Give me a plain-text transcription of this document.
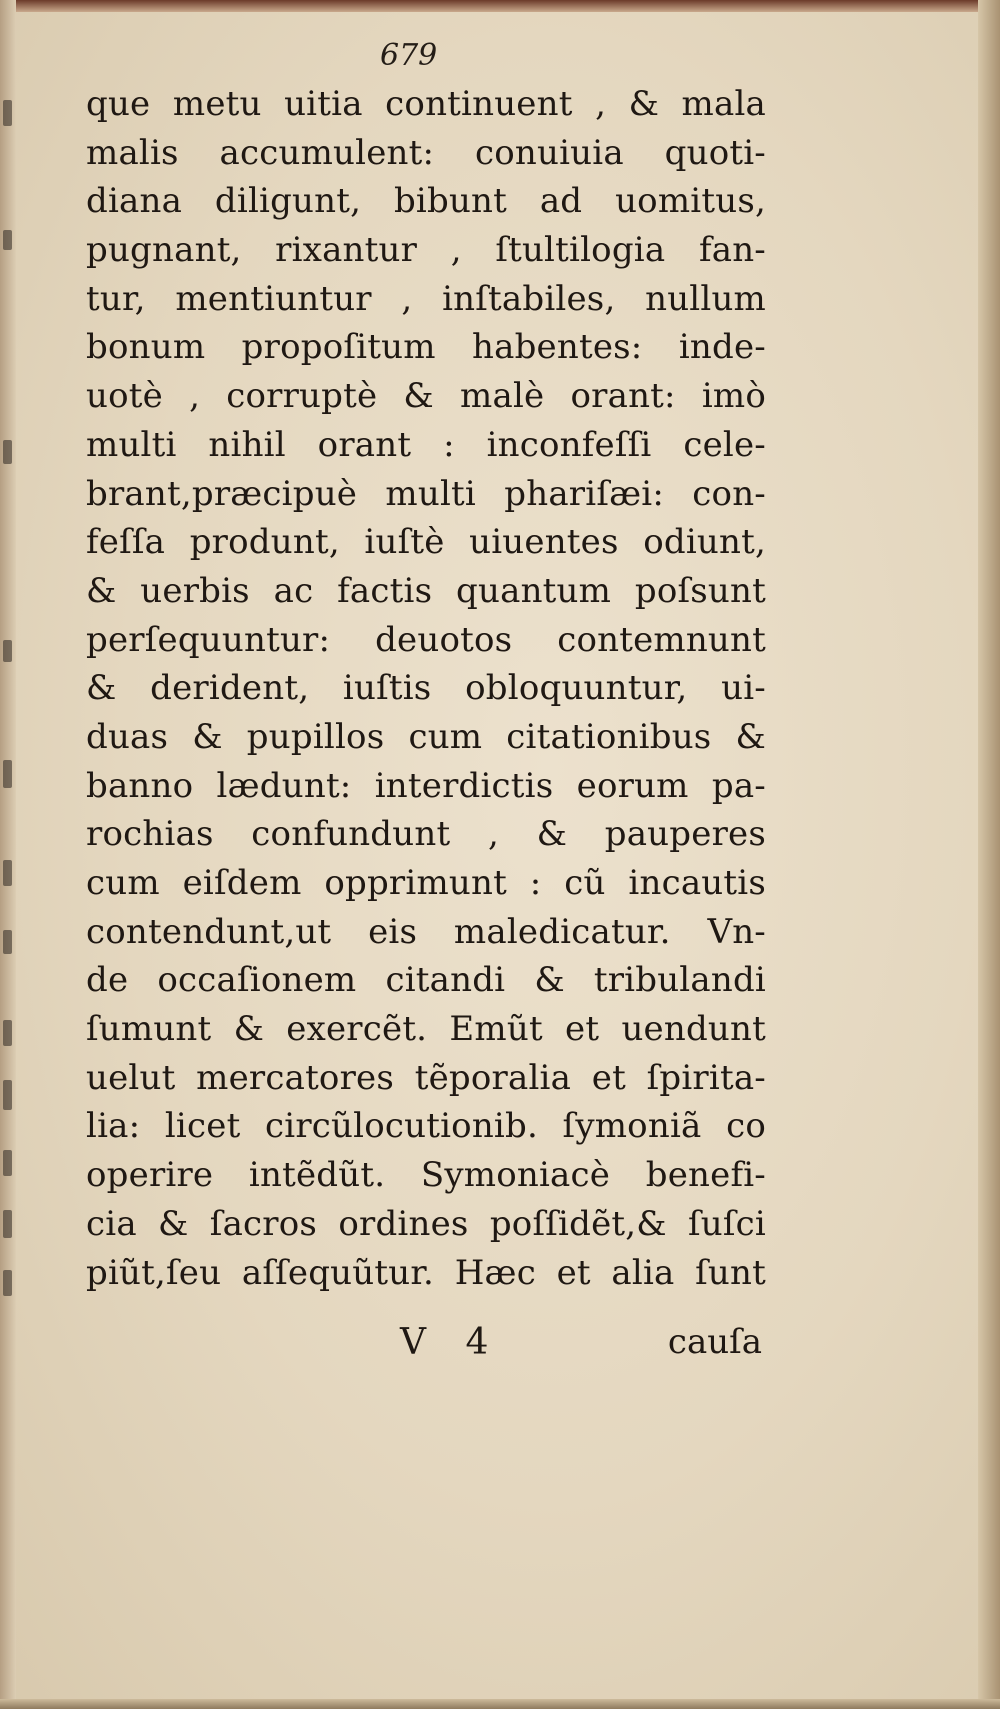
679

que metu uitia continuent , & mala
malis accumulent: conuiuia quoti-
diana diligunt, bibunt ad uomitus,
pugnant, rixantur , ſtultilogia fan-
tur, mentiuntur , inſtabiles, nullum
bonum propoſitum habentes: inde-
uotè , corruptè & malè orant: imò
multi nihil orant : inconfeſſi cele-
brant,præcipuè multi phariſæi: con-
feſſa produnt, iuſtè uiuentes odiunt,
& uerbis ac factis quantum poſsunt
perſequuntur: deuotos contemnunt
& derident, iuſtis obloquuntur, ui-
duas & pupillos cum citationibus &
banno lædunt: interdictis eorum pa-
rochias confundunt , & pauperes
cum eiſdem opprimunt : cũ incautis
contendunt,ut eis maledicatur. Vn-
de occaſionem citandi & tribulandi
ſumunt & exercẽt. Emũt et uendunt
uelut mercatores tẽporalia et ſpirita-
lia: licet circũlocutionib. ſymoniã co
operire intẽdũt. Symoniacè benefi-
cia & ſacros ordines poſſidẽt,& ſuſci
piũt,ſeu aſſequũtur. Hæc et alia ſunt
V 4	cauſa
